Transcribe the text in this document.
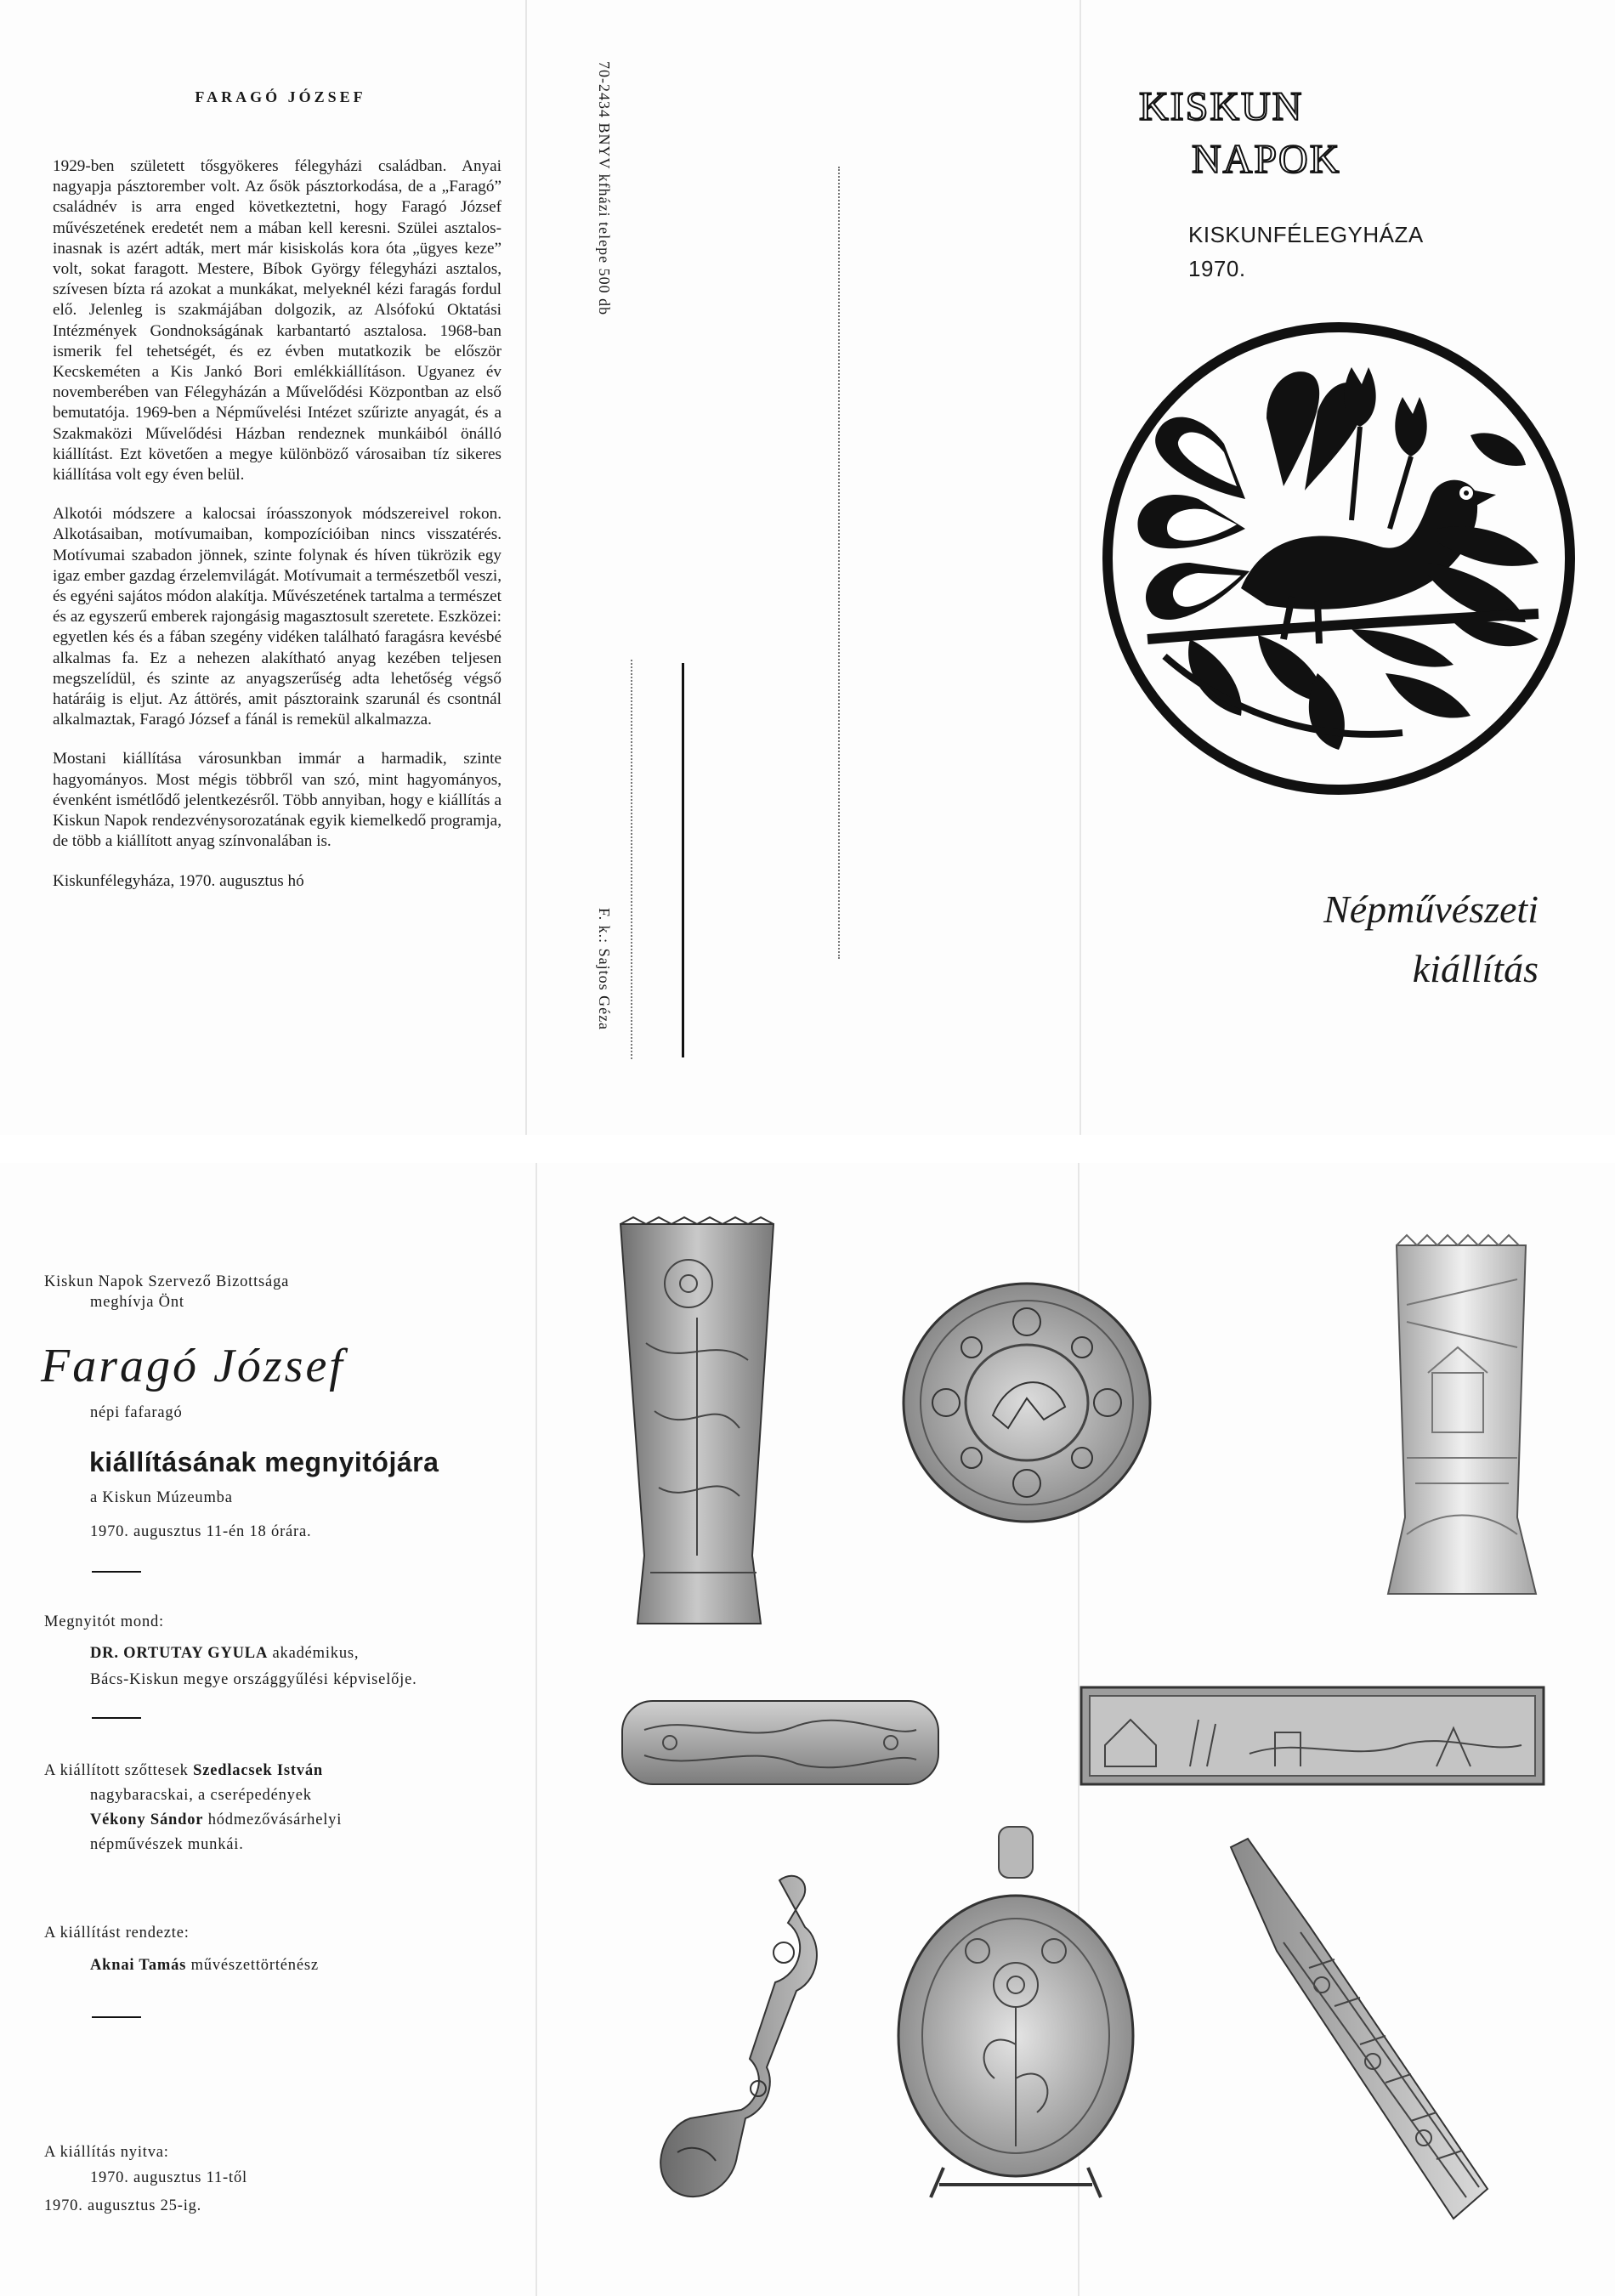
FARAGÓ JÓZSEF

1929-ben született tősgyökeres félegyházi családban. Anyai nagyapja pásztorember volt. Az ősök pásztorkodása, de a „Faragó” családnév is arra enged következtetni, hogy Faragó József művészetének eredetét nem a mában kell keresni. Szülei asztalos-inasnak is azért adták, mert már kisiskolás kora óta „ügyes keze” volt, sokat faragott. Mestere, Bíbok György félegyházi asztalos, szívesen bízta rá azokat a munkákat, melyeknél kézi faragás fordul elő. Jelenleg is szakmájában dolgozik, az Alsófokú Oktatási Intézmények Gondnokságának karbantartó asztalosa. 1968-ban ismerik fel tehetségét, és ez évben mutatkozik be először Kecskeméten a Kis Jankó Bori emlékkiállításon. Ugyanez év novemberében van Félegyházán a Művelődési Központban az első bemutatója. 1969-ben a Népművelési Intézet szűrizte anyagát, és a Szakmaközi Művelődési Házban rendeznek munkáiból önálló kiállítást. Ezt követően a megye különböző városaiban tíz sikeres kiállítása volt egy éven belül.

Alkotói módszere a kalocsai íróasszonyok módszereivel rokon. Alkotásaiban, motívumaiban, kompozícióiban nincs visszatérés. Motívumai szabadon jönnek, szinte folynak és híven tükrözik egy igaz ember gazdag érzelemvilágát. Motívumait a természetből veszi, és egyéni sajátos módon alakítja. Művészetének tartalma a természet és az egyszerű emberek rajongásig magasztosult szeretete. Eszközei: egyetlen kés és a fában szegény vidéken található faragásra kevésbé alkalmas fa. Ez a nehezen alakítható anyag kezében teljesen megszelídül, és szinte az anyagszerűség adta lehetőség végső határáig is eljut. Az áttörés, amit pásztoraink szarunál és csontnál alkalmaztak, Faragó József a fánál is remekül alkalmazza.

Mostani kiállítása városunkban immár a harmadik, szinte hagyományos. Most mégis többről van szó, mint hagyományos, évenként ismétlődő jelentkezésről. Több annyiban, hogy e kiállítás a Kiskun Napok rendezvénysorozatának egyik kiemelkedő programja, de több a kiállított anyag színvonalában is.

Kiskunfélegyháza, 1970. augusztus hó

70-2434 BNYV kfházi telepe 500 db
F. k.: Sajtos Géza
KISKUN
NAPOK
KISKUNFÉLEGYHÁZA
1970.
Népművészeti
kiállítás
Kiskun Napok Szervező Bizottsága
meghívja Önt
Faragó József
népi fafaragó
kiállításának megnyitójára
a Kiskun Múzeumba
1970. augusztus 11-én 18 órára.
Megnyitót mond:
DR. ORTUTAY GYULA akadémikus,
Bács-Kiskun megye országgyűlési képviselője.
A kiállított szőttesek Szedlacsek István
nagybaracskai, a cserépedények
Vékony Sándor hódmezővásárhelyi
népművészek munkái.
A kiállítást rendezte:
Aknai Tamás művészettörténész
A kiállítás nyitva:
1970. augusztus 11-től
1970. augusztus 25-ig.
